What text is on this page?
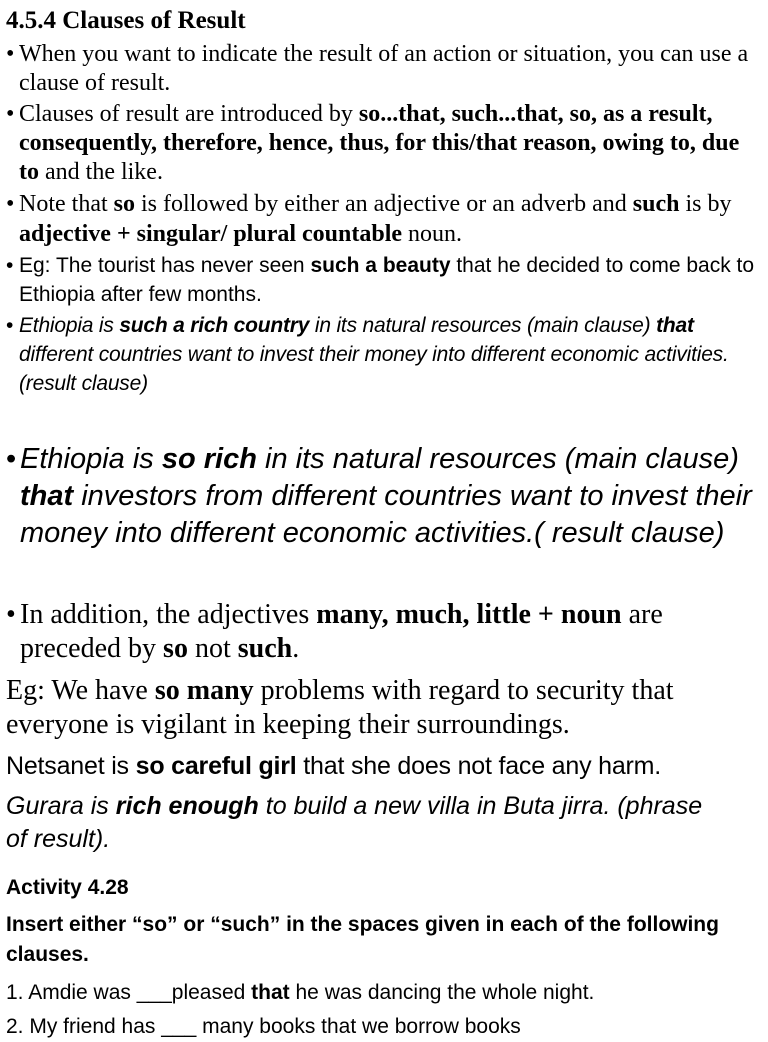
4.5.4 Clauses of Result
• When you want to indicate the result of an action or situation, you can use a clause of result.
• Clauses of result are introduced by so...that, such...that, so, as a result, consequently, therefore, hence, thus, for this/that reason, owing to, due to and the like.
• Note that so is followed by either an adjective or an adverb and such is by adjective + singular/ plural countable noun.
• Eg: The tourist has never seen such a beauty that he decided to come back to Ethiopia after few months.
• Ethiopia is such a rich country in its natural resources (main clause) that different countries want to invest their money into different economic activities. (result clause)
• Ethiopia is so rich in its natural resources (main clause) that investors from different countries want to invest their money into different economic activities.( result clause)
• In addition, the adjectives many, much, little + noun are preceded by so not such.

Eg: We have so many problems with regard to security that everyone is vigilant in keeping their surroundings.

Netsanet is so careful girl that she does not face any harm.

Gurara is rich enough to build a new villa in Buta jirra. (phrase of result).

Activity 4.28

Insert either “so” or “such” in the spaces given in each of the following clauses.

1. Amdie was ___pleased that he was dancing the whole night.

2. My friend has ___ many books that we borrow books
